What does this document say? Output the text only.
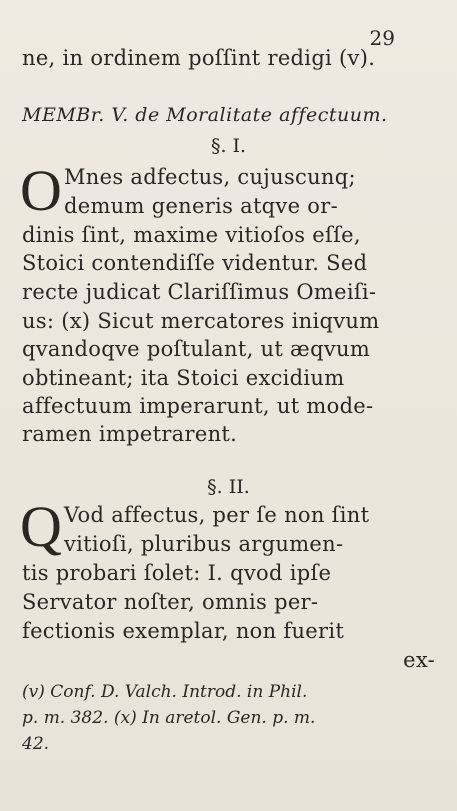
29
ne, in ordinem poſſint redigi (v).
MEMBr. V. de Moralitate affectuum.
§. I.
O Mnes adfectus, cujuscunq;
demum generis atqve or-
dinis ſint, maxime vitioſos eſſe,
Stoici contendiſſe videntur. Sed
recte judicat Clariſſimus Omeiſi-
us: (x) Sicut mercatores iniqvum
qvandoqve poſtulant, ut æqvum
obtineant; ita Stoici excidium
affectuum imperarunt, ut mode-
ramen impetrarent.
§. II.
Q Vod affectus, per ſe non ſint
vitioſi, pluribus argumen-
tis probari ſolet: I. qvod ipſe
Servator noſter, omnis per-
fectionis exemplar, non fuerit
ex-
(v) Conf. D. Valch. Introd. in Phil.
p. m. 382. (x) In aretol. Gen. p. m.
42.
